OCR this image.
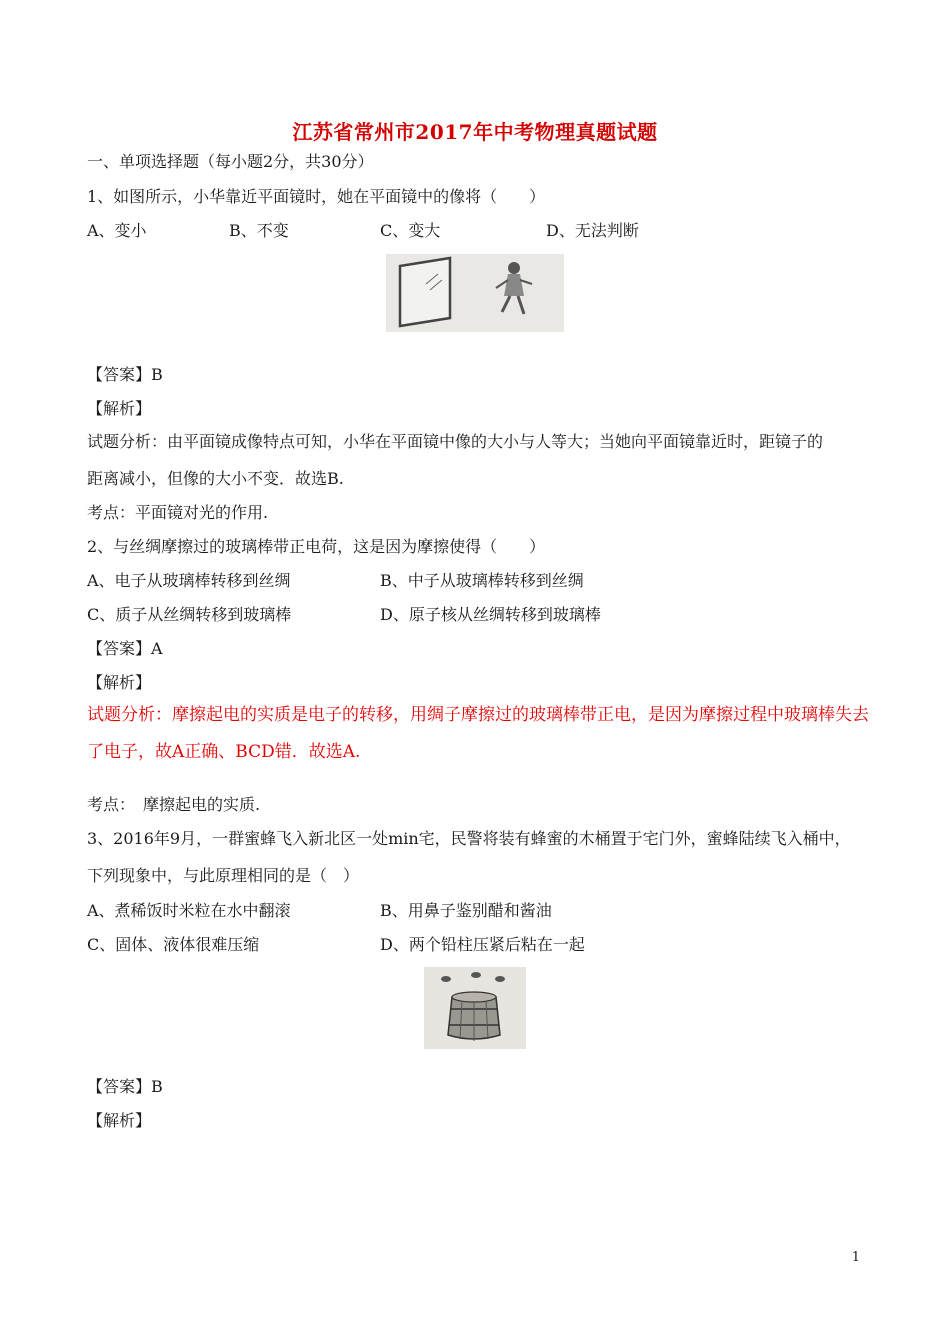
江苏省常州市2017年中考物理真题试题
一、单项选择题（每小题2分，共30分）
1、如图所示，小华靠近平面镜时，她在平面镜中的像将（　　）
A、变小	B、不变	C、变大	D、无法判断
【答案】B
【解析】
试题分析：由平面镜成像特点可知，小华在平面镜中像的大小与人等大；当她向平面镜靠近时，距镜子的
距离减小，但像的大小不变．故选B.
考点：平面镜对光的作用.
2、与丝绸摩擦过的玻璃棒带正电荷，这是因为摩擦使得（　　）
A、电子从玻璃棒转移到丝绸	B、中子从玻璃棒转移到丝绸
C、质子从丝绸转移到玻璃棒	D、原子核从丝绸转移到玻璃棒
【答案】A
【解析】
试题分析：摩擦起电的实质是电子的转移，用绸子摩擦过的玻璃棒带正电，是因为摩擦过程中玻璃棒失去
了电子，故A正确、BCD错．故选A.
考点：　摩擦起电的实质.
3、2016年9月，一群蜜蜂飞入新北区一处min宅，民警将装有蜂蜜的木桶置于宅门外，蜜蜂陆续飞入桶中，
下列现象中，与此原理相同的是（　）
A、煮稀饭时米粒在水中翻滚	B、用鼻子鉴别醋和酱油
C、固体、液体很难压缩	D、两个铅柱压紧后粘在一起
【答案】B
【解析】
1
